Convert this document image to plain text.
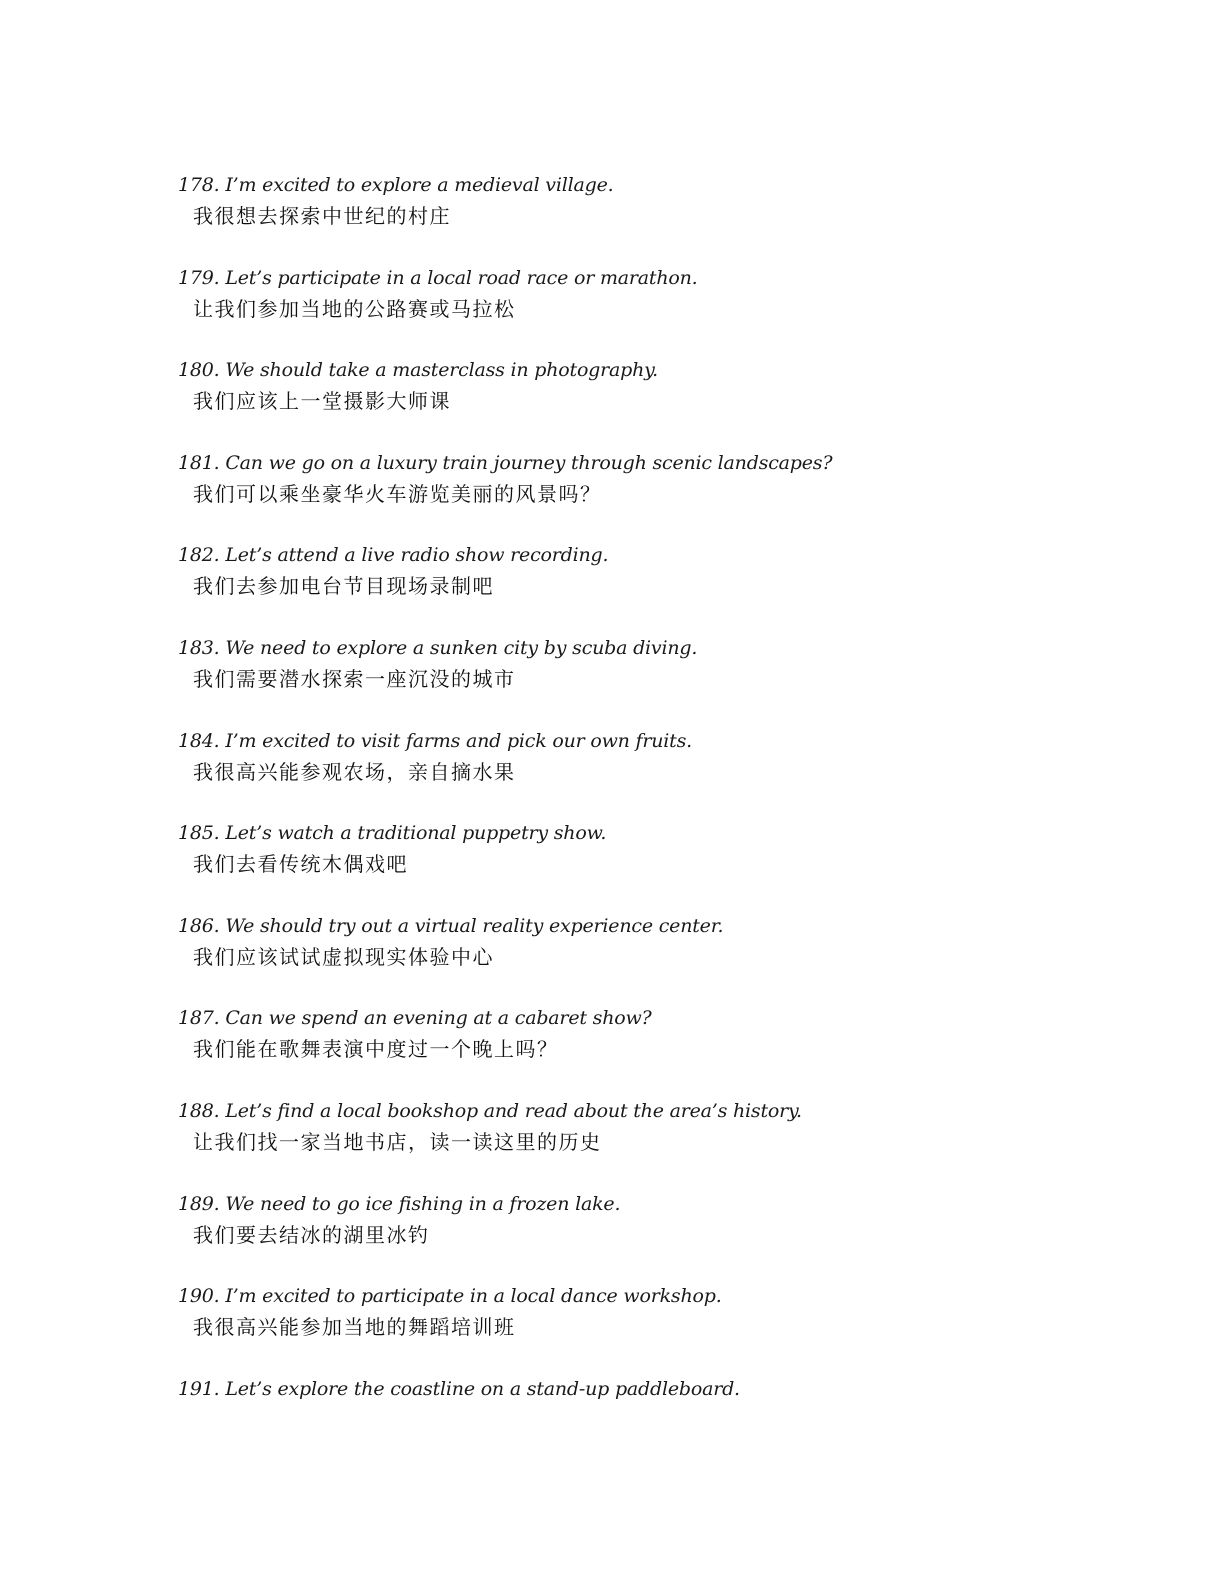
178. I’m excited to explore a medieval village.
我很想去探索中世纪的村庄
179. Let’s participate in a local road race or marathon.
让我们参加当地的公路赛或马拉松
180. We should take a masterclass in photography.
我们应该上一堂摄影大师课
181. Can we go on a luxury train journey through scenic landscapes?
我们可以乘坐豪华火车游览美丽的风景吗？
182. Let’s attend a live radio show recording.
我们去参加电台节目现场录制吧
183. We need to explore a sunken city by scuba diving.
我们需要潜水探索一座沉没的城市
184. I’m excited to visit farms and pick our own fruits.
我很高兴能参观农场，亲自摘水果
185. Let’s watch a traditional puppetry show.
我们去看传统木偶戏吧
186. We should try out a virtual reality experience center.
我们应该试试虚拟现实体验中心
187. Can we spend an evening at a cabaret show?
我们能在歌舞表演中度过一个晚上吗？
188. Let’s find a local bookshop and read about the area’s history.
让我们找一家当地书店，读一读这里的历史
189. We need to go ice fishing in a frozen lake.
我们要去结冰的湖里冰钓
190. I’m excited to participate in a local dance workshop.
我很高兴能参加当地的舞蹈培训班
191. Let’s explore the coastline on a stand-up paddleboard.
